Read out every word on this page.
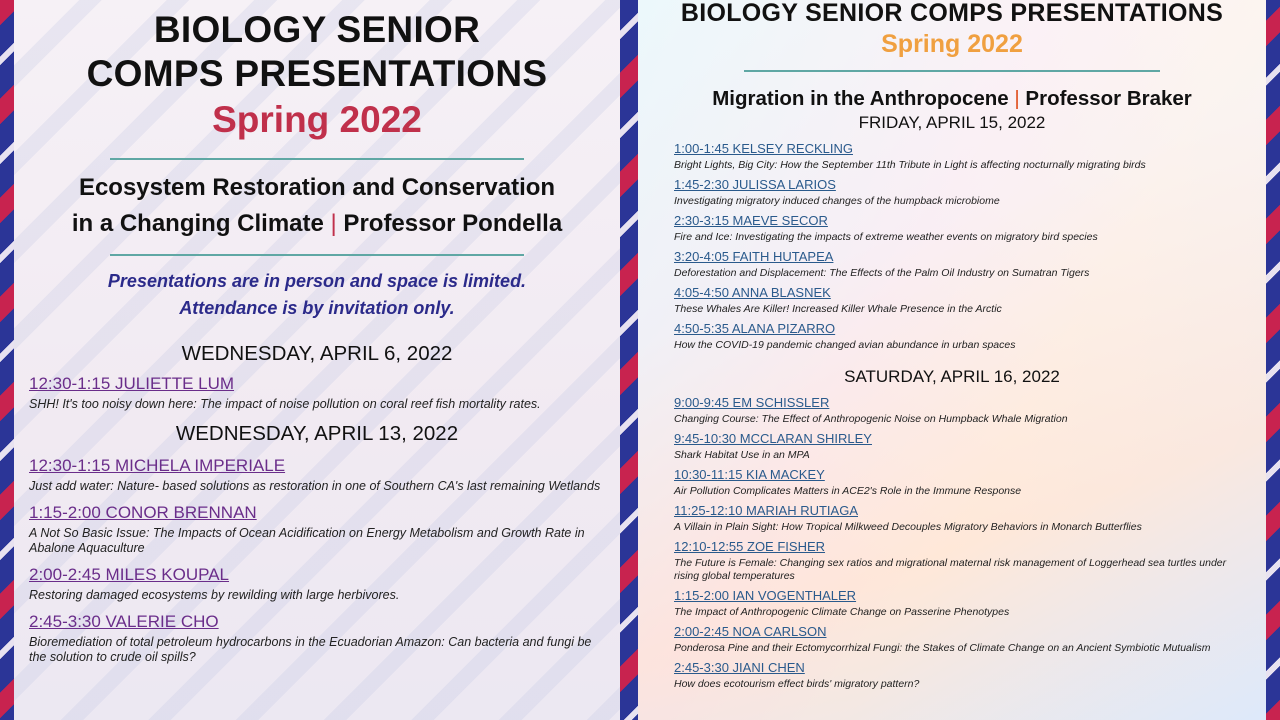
BIOLOGY SENIOR
COMPS PRESENTATIONS
Spring 2022
Ecosystem Restoration and Conservation
in a Changing Climate | Professor Pondella
Presentations are in person and space is limited.
Attendance is by invitation only.
WEDNESDAY, APRIL 6, 2022
12:30-1:15 JULIETTE LUM
SHH! It's too noisy down here: The impact of noise pollution on coral reef fish mortality rates.
WEDNESDAY, APRIL 13, 2022
12:30-1:15 MICHELA IMPERIALE
Just add water: Nature- based solutions as restoration in one of Southern CA's last remaining Wetlands
1:15-2:00 CONOR BRENNAN
A Not So Basic Issue: The Impacts of Ocean Acidification on Energy Metabolism and Growth Rate in Abalone Aquaculture
2:00-2:45 MILES KOUPAL
Restoring damaged ecosystems by rewilding with large herbivores.
2:45-3:30 VALERIE CHO
Bioremediation of total petroleum hydrocarbons in the Ecuadorian Amazon: Can bacteria and fungi be the solution to crude oil spills?
BIOLOGY SENIOR COMPS PRESENTATIONS
Spring 2022
Migration in the Anthropocene | Professor Braker
FRIDAY, APRIL 15, 2022
1:00-1:45 KELSEY RECKLING
Bright Lights, Big City: How the September 11th Tribute in Light is affecting nocturnally migrating birds
1:45-2:30 JULISSA LARIOS
Investigating migratory induced changes of the humpback microbiome
2:30-3:15 MAEVE SECOR
Fire and Ice: Investigating the impacts of extreme weather events on migratory bird species
3:20-4:05 FAITH HUTAPEA
Deforestation and Displacement: The Effects of the Palm Oil Industry on Sumatran Tigers
4:05-4:50 ANNA BLASNEK
These Whales Are Killer! Increased Killer Whale Presence in the Arctic
4:50-5:35 ALANA PIZARRO
How the COVID-19 pandemic changed avian abundance in urban spaces
SATURDAY, APRIL 16, 2022
9:00-9:45 EM SCHISSLER
Changing Course: The Effect of Anthropogenic Noise on Humpback Whale Migration
9:45-10:30 MCCLARAN SHIRLEY
Shark Habitat Use in an MPA
10:30-11:15 KIA MACKEY
Air Pollution Complicates Matters in ACE2's Role in the Immune Response
11:25-12:10 MARIAH RUTIAGA
A Villain in Plain Sight: How Tropical Milkweed Decouples Migratory Behaviors in Monarch Butterflies
12:10-12:55 ZOE FISHER
The Future is Female: Changing sex ratios and migrational maternal risk management of Loggerhead sea turtles under rising global temperatures
1:15-2:00 IAN VOGENTHALER
The Impact of Anthropogenic Climate Change on Passerine Phenotypes
2:00-2:45 NOA CARLSON
Ponderosa Pine and their Ectomycorrhizal Fungi: the Stakes of Climate Change on an Ancient Symbiotic Mutualism
2:45-3:30 JIANI CHEN
How does ecotourism effect birds' migratory pattern?
